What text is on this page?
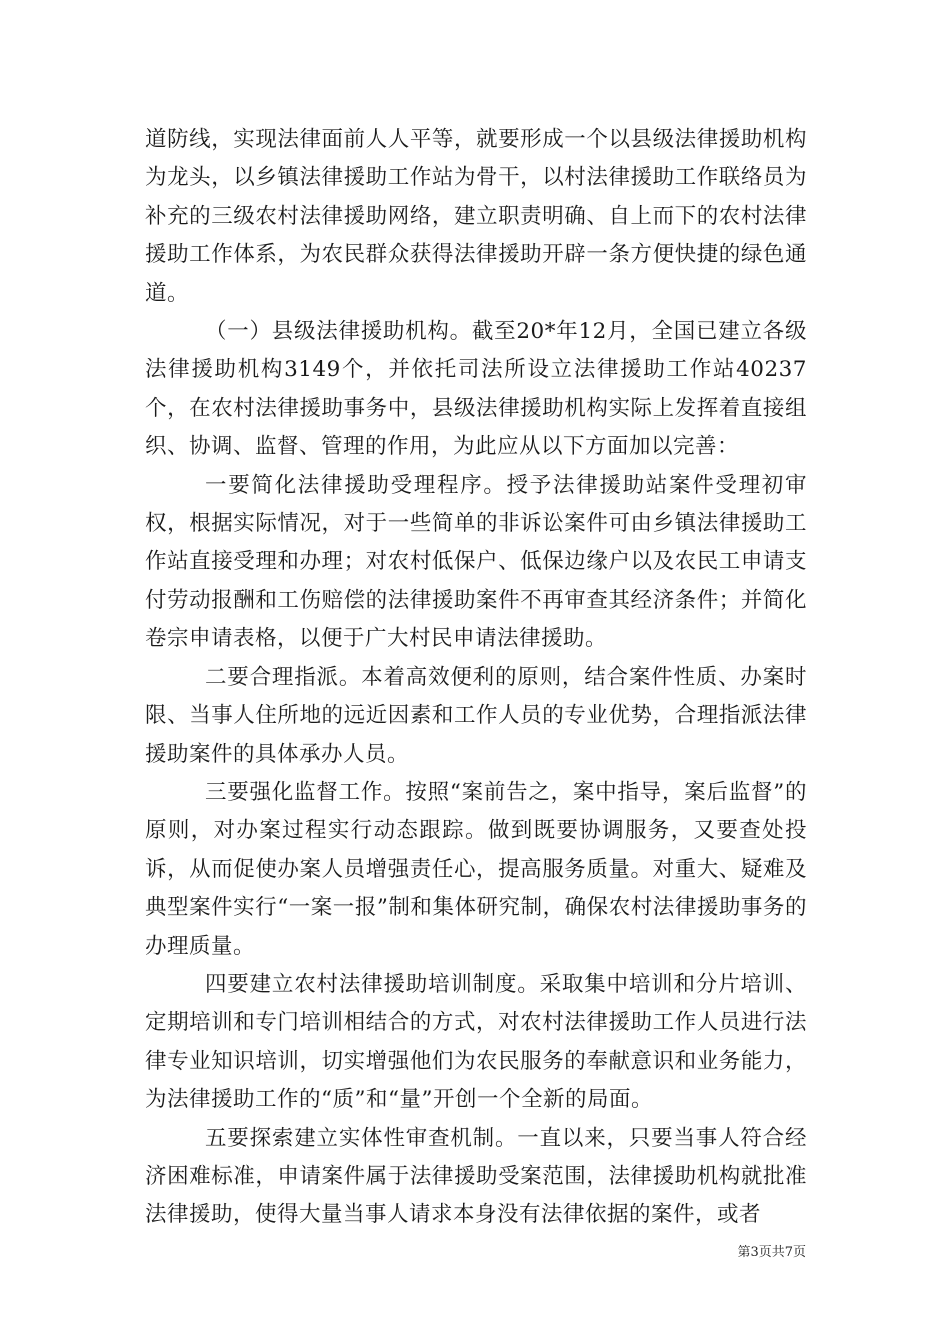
道防线，实现法律面前人人平等，就要形成一个以县级法律援助机构为龙头，以乡镇法律援助工作站为骨干，以村法律援助工作联络员为补充的三级农村法律援助网络，建立职责明确、自上而下的农村法律援助工作体系，为农民群众获得法律援助开辟一条方便快捷的绿色通道。

（一）县级法律援助机构。截至20*年12月，全国已建立各级法律援助机构3149个，并依托司法所设立法律援助工作站40237个，在农村法律援助事务中，县级法律援助机构实际上发挥着直接组织、协调、监督、管理的作用，为此应从以下方面加以完善：

一要简化法律援助受理程序。授予法律援助站案件受理初审权，根据实际情况，对于一些简单的非诉讼案件可由乡镇法律援助工作站直接受理和办理；对农村低保户、低保边缘户以及农民工申请支付劳动报酬和工伤赔偿的法律援助案件不再审查其经济条件；并简化卷宗申请表格，以便于广大村民申请法律援助。

二要合理指派。本着高效便利的原则，结合案件性质、办案时限、当事人住所地的远近因素和工作人员的专业优势，合理指派法律援助案件的具体承办人员。

三要强化监督工作。按照“案前告之，案中指导，案后监督”的原则，对办案过程实行动态跟踪。做到既要协调服务，又要查处投诉，从而促使办案人员增强责任心，提高服务质量。对重大、疑难及典型案件实行“一案一报”制和集体研究制，确保农村法律援助事务的办理质量。

四要建立农村法律援助培训制度。采取集中培训和分片培训、定期培训和专门培训相结合的方式，对农村法律援助工作人员进行法律专业知识培训，切实增强他们为农民服务的奉献意识和业务能力，为法律援助工作的“质”和“量”开创一个全新的局面。

五要探索建立实体性审查机制。一直以来，只要当事人符合经济困难标准，申请案件属于法律援助受案范围，法律援助机构就批准法律援助，使得大量当事人请求本身没有法律依据的案件，或者

第3页共7页
